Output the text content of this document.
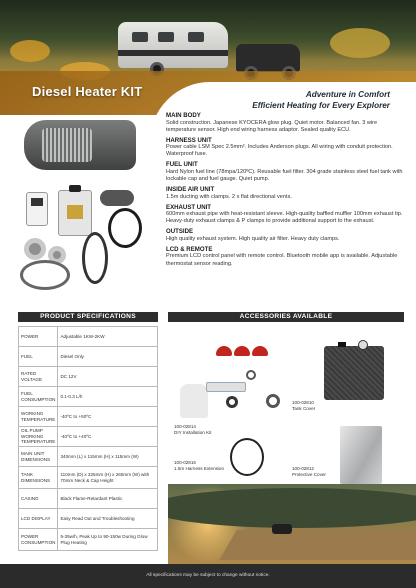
Diesel Heater KIT	Adventure in Comfort
Efficient Heating for Every Explorer
MAIN BODY

Solid construction. Japanese KYOCERA glow plug. Quiet motor. Balanced fan. 3 wire temperature sensor. High end wiring harness adaptor. Sealed quality ECU.

HARNESS UNIT

Power cable LSM Spec 2.5mm². Includes Anderson plugs. All wiring with conduit protection. Waterproof fuse.

FUEL UNIT

Hard Nylon fuel line (78mpa/120ºC). Reusable fuel filter. 304 grade stainless steel fuel tank with lockable cap and fuel gauge. Quiet pump.

INSIDE AIR UNIT

1.5m ducting with clamps. 2 x flat directional vents.

EXHAUST UNIT

600mm exhaust pipe with heat-resistant sleeve. High-quality baffled muffler 100mm exhaust tip. Heavy-duty exhaust clamps & P clamps to provide additional support to the exhaust.

OUTSIDE

High quality exhaust system. High quality air filter. Heavy duty clamps.

LCD & REMOTE

Premium LCD control panel with remote control. Bluetooth mobile app is available. Adjustable thermostat sensor reading.

PRODUCT SPECIFICATIONS	ACCESSORIES AVAILABLE
POWER	Adjustable 1KW-2KW
FUEL	Diesel Only
RATED VOLTAGE	DC 12V
FUEL CONSUMPTION	0.1-0.3 L/h
WORKING TEMPERATURE	-40ºC to +50ºC
OIL PUMP WORKING TEMPERATURE	-40ºC to +40ºC
MAIN UNIT DIMENSIONS	340mm (L) x 115mm (H) x 115mm (W)
TANK DIMENSIONS	110mm (D) x 325mm (H) x 265mm (W) with 70mm Neck & Cap Height
CASING	Black Flame-Retardant Plastic
LCD DISPLAY	Easy Read Out and Troubleshooting
POWER CONSUMPTION	5-35w/h, Peak Up to 90-150w During Glow Plug Heating
100-02814
DIY Installation Kit
100-02810
Tank Cover
100-02816
1.5m Harness Extension	100-02812
Protective Cover
All specifications may be subject to change without notice.
